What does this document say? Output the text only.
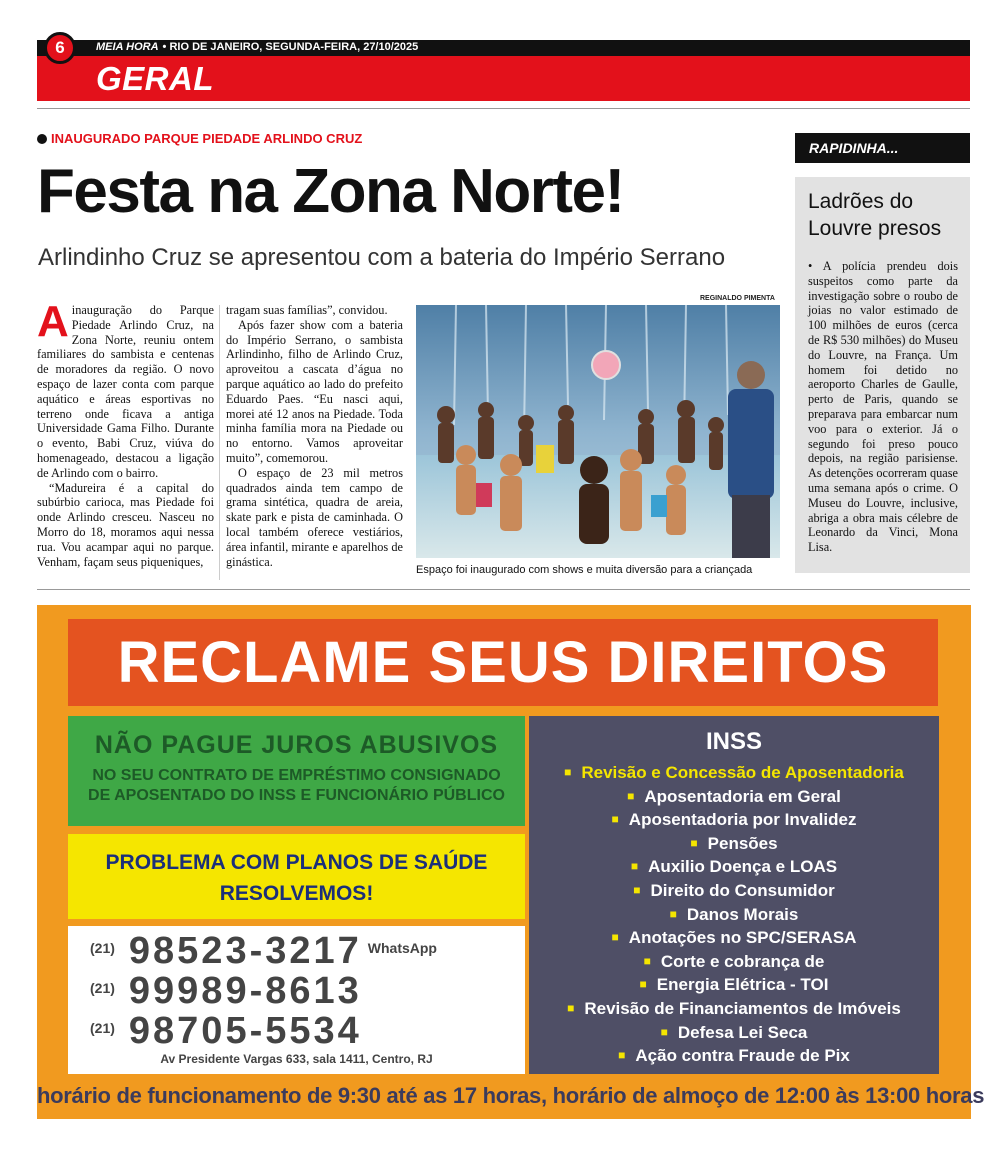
6	MEIA HORA • RIO DE JANEIRO, SEGUNDA-FEIRA, 27/10/2025
GERAL
INAUGURADO PARQUE PIEDADE ARLINDO CRUZ
Festa na Zona Norte!
Arlindinho Cruz se apresentou com a bateria do Império Serrano

Ainauguração do Parque Piedade Arlindo Cruz, na Zona Norte, reuniu ontem familiares do sambista e centenas de moradores da região. O novo espaço de lazer conta com parque aquático e áreas esportivas no terreno onde ficava a antiga Universidade Gama Filho. Durante o evento, Babi Cruz, viúva do homenageado, destacou a ligação de Arlindo com o bairro.

“Madureira é a capital do subúrbio carioca, mas Piedade foi onde Arlindo cresceu. Nasceu no Morro do 18, moramos aqui nessa rua. Vou acampar aqui no parque. Venham, façam seus piqueniques,

tragam suas famílias”, convidou.

Após fazer show com a bateria do Império Serrano, o sambista Arlindinho, filho de Arlindo Cruz, aproveitou a cascata d’água no parque aquático ao lado do prefeito Eduardo Paes. “Eu nasci aqui, morei até 12 anos na Piedade. Toda minha família mora na Piedade ou no entorno. Vamos aproveitar muito”, comemorou.

O espaço de 23 mil metros quadrados ainda tem campo de grama sintética, quadra de areia, skate park e pista de caminhada. O local também oferece vestiários, área infantil, mirante e aparelhos de ginástica.

REGINALDO PIMENTA
Espaço foi inaugurado com shows e muita diversão para a criançada
RAPIDINHA...
Ladrões do
Louvre presos
• A polícia prendeu dois suspeitos como parte da investigação sobre o roubo de joias no valor estimado de 100 milhões de euros (cerca de R$ 530 milhões) do Museu do Louvre, na França. Um homem foi detido no aeroporto Charles de Gaulle, perto de Paris, quando se preparava para embarcar num voo para o exterior. Já o segundo foi preso pouco depois, na região parisiense. As detenções ocorreram quase uma semana após o crime. O Museu do Louvre, inclusive, abriga a obra mais célebre de Leonardo da Vinci, Mona Lisa.
RECLAME SEUS DIREITOS
NÃO PAGUE JUROS ABUSIVOS
NO SEU CONTRATO DE EMPRÉSTIMO CONSIGNADO
DE APOSENTADO DO INSS E FUNCIONÁRIO PÚBLICO
PROBLEMA COM PLANOS DE SAÚDE
RESOLVEMOS!
(21) 98523-3217 WhatsApp
(21) 99989-8613
(21) 98705-5534
Av Presidente Vargas 633, sala 1411, Centro, RJ
INSS
■ Revisão e Concessão de Aposentadoria
■ Aposentadoria em Geral
■ Aposentadoria por Invalidez
■ Pensões
■ Auxilio Doença e LOAS
■ Direito do Consumidor
■ Danos Morais
■ Anotações no SPC/SERASA
■ Corte e cobrança de
■ Energia Elétrica - TOI
■ Revisão de Financiamentos de Imóveis
■ Defesa Lei Seca
■ Ação contra Fraude de Pix
horário de funcionamento de 9:30 até as 17 horas, horário de almoço de 12:00 às 13:00 horas
